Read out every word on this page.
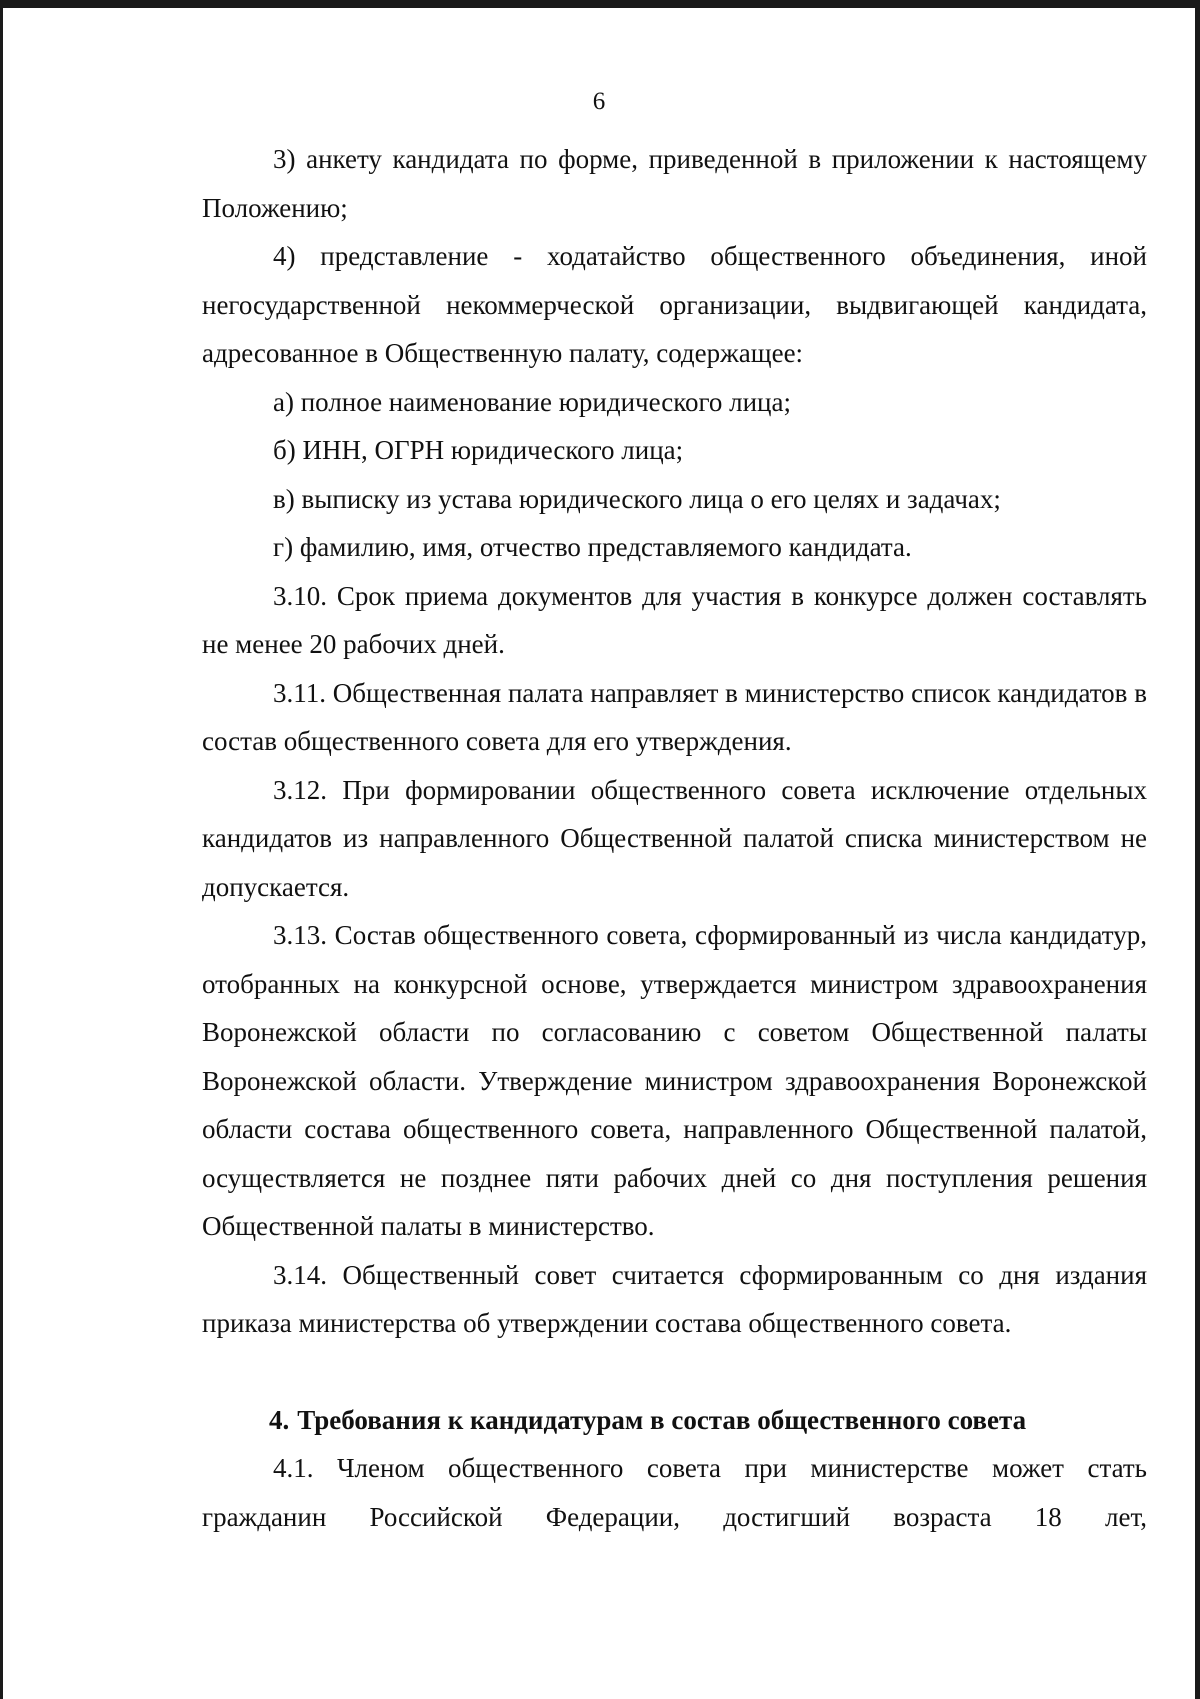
6

3) анкету кандидата по форме, приведенной в приложении к настоящему Положению;

4) представление - ходатайство общественного объединения, иной негосударственной некоммерческой организации, выдвигающей кандидата, адресованное в Общественную палату, содержащее:

а) полное наименование юридического лица;

б) ИНН, ОГРН юридического лица;

в) выписку из устава юридического лица о его целях и задачах;

г) фамилию, имя, отчество представляемого кандидата.

3.10. Срок приема документов для участия в конкурсе должен составлять не менее 20 рабочих дней.

3.11. Общественная палата направляет в министерство список кандидатов в состав общественного совета для его утверждения.

3.12. При формировании общественного совета исключение отдельных кандидатов из направленного Общественной палатой списка министерством не допускается.

3.13. Состав общественного совета, сформированный из числа кандидатур, отобранных на конкурсной основе, утверждается министром здравоохранения Воронежской области по согласованию с советом Общественной палаты Воронежской области. Утверждение министром здравоохранения Воронежской области состава общественного совета, направленного Общественной палатой, осуществляется не позднее пяти рабочих дней со дня поступления решения Общественной палаты в министерство.

3.14. Общественный совет считается сформированным со дня издания приказа министерства об утверждении состава общественного совета.

4. Требования к кандидатурам в состав общественного совета

4.1. Членом общественного совета при министерстве может стать гражданин Российской Федерации, достигший возраста 18 лет,
